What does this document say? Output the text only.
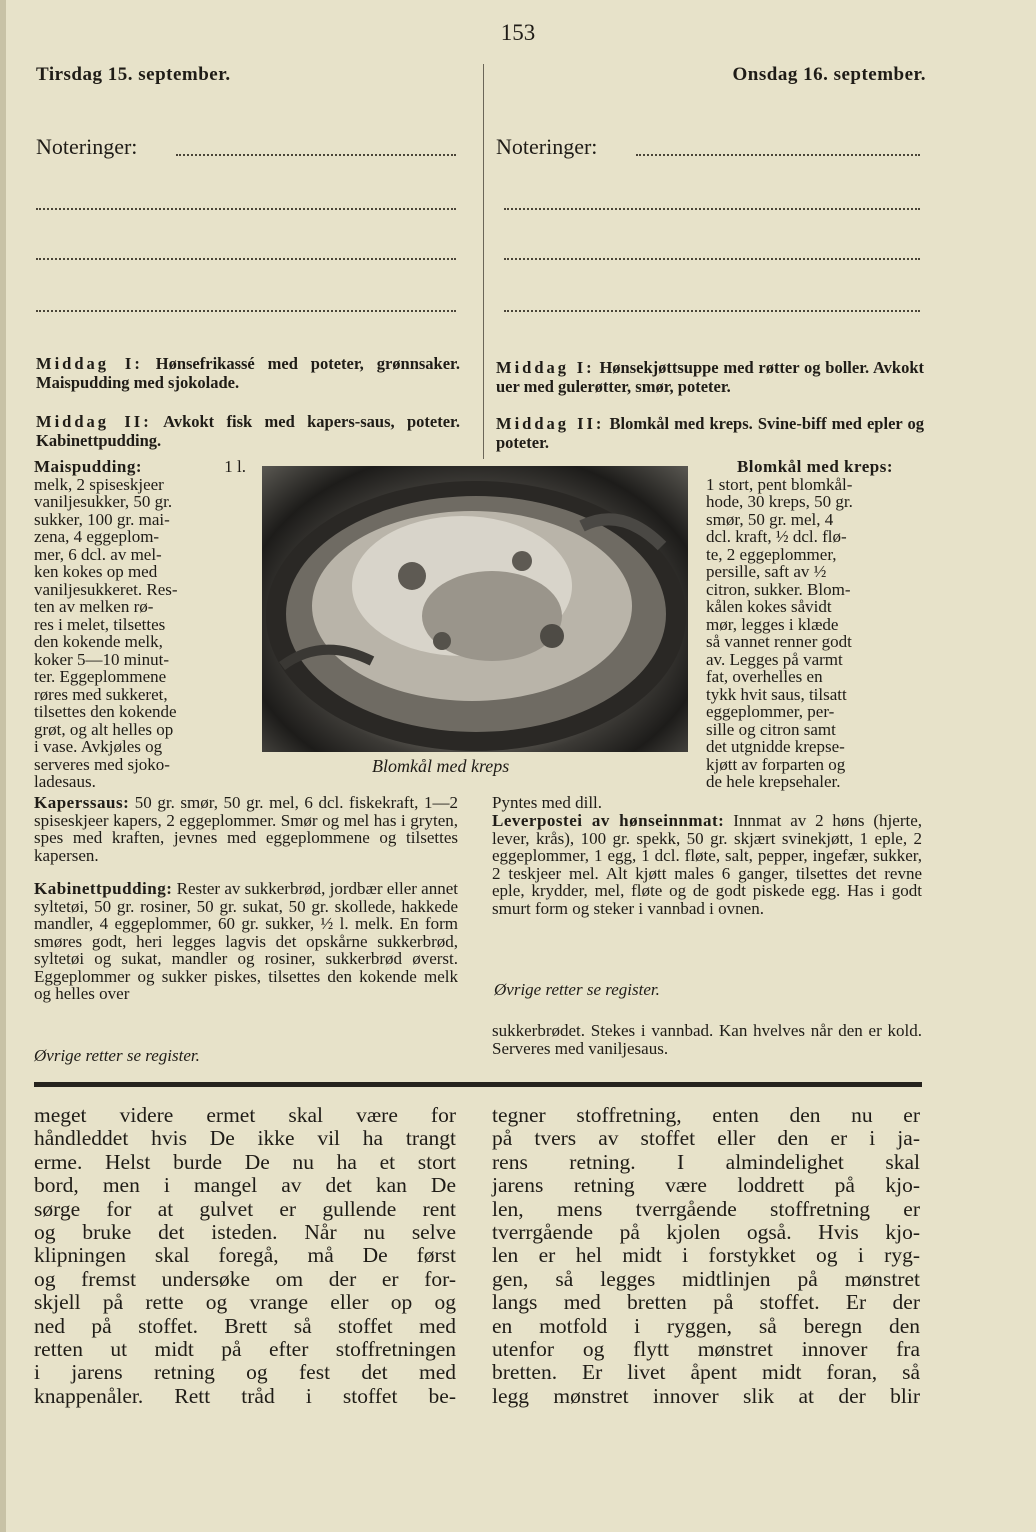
153
Tirsdag 15. september.	Onsdag 16. september.
Noteringer:	Noteringer:
Middag I: Hønsefrikassé med poteter, grønnsaker. Maispudding med sjokolade.
Middag II: Avkokt fisk med kapers-saus, poteter. Kabinettpudding.
Middag I: Hønsekjøttsuppe med røtter og boller. Avkokt uer med gulerøtter, smør, poteter.
Middag II: Blomkål med kreps. Svine-biff med epler og poteter.
Maispudding:	1 l.
melk, 2 spiseskjeer
vaniljesukker, 50 gr.
sukker, 100 gr. mai-
zena, 4 eggeplom-
mer, 6 dcl. av mel-
ken kokes op med
vaniljesukkeret. Res-
ten av melken rø-
res i melet, tilsettes
den kokende melk,
koker 5—10 minut-
ter. Eggeplommene
røres med sukkeret,
tilsettes den kokende
grøt, og alt helles op
i vase. Avkjøles og
serveres med sjoko-
ladesaus.
Blomkål med kreps
Blomkål med kreps:
1 stort, pent blomkål-
hode, 30 kreps, 50 gr.
smør, 50 gr. mel, 4
dcl. kraft, ½ dcl. flø-
te, 2 eggeplommer,
persille, saft av ½
citron, sukker. Blom-
kålen kokes såvidt
mør, legges i klæde
så vannet renner godt
av. Legges på varmt
fat, overhelles en
tykk hvit saus, tilsatt
eggeplommer, per-
sille og citron samt
det utgnidde krepse-
kjøtt av forparten og
de hele krepsehaler.
Kaperssaus: 50 gr. smør, 50 gr. mel, 6 dcl. fiskekraft, 1—2 spiseskjeer kapers, 2 eggeplommer. Smør og mel has i gryten, spes med kraften, jevnes med eggeplommene og tilsettes kapersen.
Kabinettpudding: Rester av sukkerbrød, jordbær eller annet syltetøi, 50 gr. rosiner, 50 gr. sukat, 50 gr. skollede, hakkede mandler, 4 eggeplommer, 60 gr. sukker, ½ l. melk. En form smøres godt, heri legges lagvis det opskårne sukkerbrød, syltetøi og sukat, mandler og rosiner, sukkerbrød øverst. Eggeplommer og sukker piskes, tilsettes den kokende melk og helles over
Øvrige retter se register.
Pyntes med dill.
Leverpostei av hønseinnmat: Innmat av 2 høns (hjerte, lever, krås), 100 gr. spekk, 50 gr. skjært svinekjøtt, 1 eple, 2 eggeplommer, 1 egg, 1 dcl. fløte, salt, pepper, ingefær, sukker, 2 teskjeer mel. Alt kjøtt males 6 ganger, tilsettes det revne eple, krydder, mel, fløte og de godt piskede egg. Has i godt smurt form og steker i vannbad i ovnen.
Øvrige retter se register.
sukkerbrødet. Stekes i vannbad. Kan hvelves når den er kold. Serveres med vaniljesaus.

meget videre ermet skal være for

håndleddet hvis De ikke vil ha trangt

erme. Helst burde De nu ha et stort

bord, men i mangel av det kan De

sørge for at gulvet er gullende rent

og bruke det isteden. Når nu selve

klipningen skal foregå, må De først

og fremst undersøke om der er for-

skjell på rette og vrange eller op og

ned på stoffet. Brett så stoffet med

retten ut midt på efter stoffretningen

i jarens retning og fest det med

knappenåler. Rett tråd i stoffet be-

tegner stoffretning, enten den nu er

på tvers av stoffet eller den er i ja-

rens retning. I almindelighet skal

jarens retning være loddrett på kjo-

len, mens tverrgående stoffretning er

tverrgående på kjolen også. Hvis kjo-

len er hel midt i forstykket og i ryg-

gen, så legges midtlinjen på mønstret

langs med bretten på stoffet. Er der

en motfold i ryggen, så beregn den

utenfor og flytt mønstret innover fra

bretten. Er livet åpent midt foran, så

legg mønstret innover slik at der blir
